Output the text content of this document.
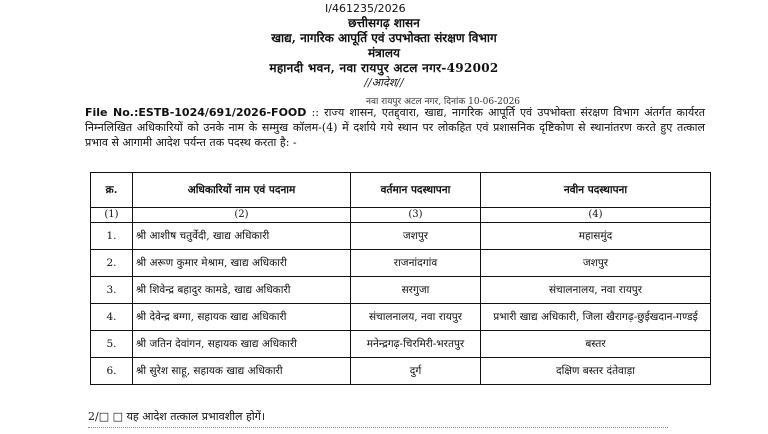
I/461235/2026
छत्तीसगढ़ शासन
खाद्य, नागरिक आपूर्ति एवं उपभोक्ता संरक्षण विभाग
मंत्रालय
महानदी भवन, नवा रायपुर अटल नगर-492002
//आदेश//
नवा रायपुर अटल नगर, दिनांक 10-06-2026
File No.:ESTB-1024/691/2026-FOOD :: राज्य शासन, एतद्द्वारा, खाद्य, नागरिक आपूर्ति एवं उपभोक्ता संरक्षण विभाग अंतर्गत कार्यरत निम्नलिखित अधिकारियों को उनके नाम के सम्मुख कॉलम-(4) में दर्शाये गये स्थान पर लोकहित एवं प्रशासनिक दृष्टिकोण से स्थानांतरण करते हुए तत्काल प्रभाव से आगामी आदेश पर्यन्त तक पदस्थ करता है: -
क्र.	अधिकारियों नाम एवं पदनाम	वर्तमान पदस्थापना	नवीन पदस्थापना
(1)	(2)	(3)	(4)
1.	श्री आशीष चतुर्वेदी, खाद्य अधिकारी	जशपुर	महासमुंद
2.	श्री अरूण कुमार मेश्राम, खाद्य अधिकारी	राजनांदगांव	जशपुर
3.	श्री शिवेन्द्र बहादुर कामडे, खाद्य अधिकारी	सरगुजा	संचालनालय, नवा रायपुर
4.	श्री देवेन्द्र बग्गा, सहायक खाद्य अधिकारी	संचालनालय, नवा रायपुर	प्रभारी खाद्य अधिकारी, जिला खैरागढ़-छुईखदान-गण्डई
5.	श्री जतिन देवांगन, सहायक खाद्य अधिकारी	मनेन्द्रगढ़-चिरमिरी-भरतपुर	बस्तर
6.	श्री सुरेश साहू, सहायक खाद्य अधिकारी	दुर्ग	दक्षिण बस्तर दंतेवाड़ा
2/□ □ यह आदेश तत्काल प्रभावशील होगें।
